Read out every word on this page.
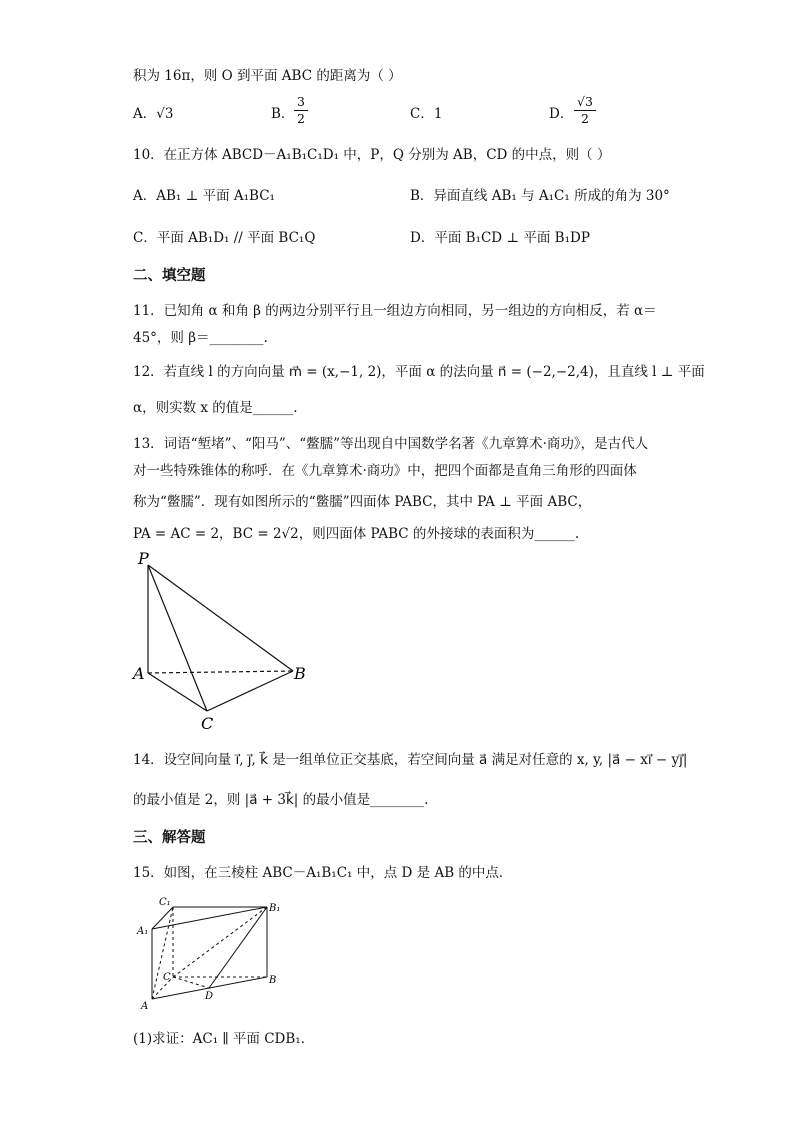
积为 16π，则 O 到平面 ABC 的距离为（ ）
A．√3	B．
3
2	C．1	D．
√3
2
10．在正方体 ABCD－A₁B₁C₁D₁ 中，P，Q 分别为 AB，CD 的中点，则（ ）
A．AB₁ ⊥ 平面 A₁BC₁	B．异面直线 AB₁ 与 A₁C₁ 所成的角为 30°
C．平面 AB₁D₁ // 平面 BC₁Q	D．平面 B₁CD ⊥ 平面 B₁DP
二、填空题
11．已知角 α 和角 β 的两边分别平行且一组边方向相同，另一组边的方向相反，若 α＝
45°，则 β＝________.
12．若直线 l 的方向向量 m⃗ = (x,−1, 2)，平面 α 的法向量 n⃗ = (−2,−2,4)，且直线 l ⊥ 平面
α，则实数 x 的值是______.
13．词语“堑堵”、“阳马”、“鳖臑”等出现自中国数学名著《九章算术·商功》，是古代人
对一些特殊锥体的称呼．在《九章算术·商功》中，把四个面都是直角三角形的四面体
称为“鳖臑”．现有如图所示的“鳖臑”四面体 PABC，其中 PA ⊥ 平面 ABC，
PA = AC = 2，BC = 2√2，则四面体 PABC 的外接球的表面积为______.
P
A	B
C
14．设空间向量 i⃗, j⃗, k⃗ 是一组单位正交基底，若空间向量 a⃗ 满足对任意的 x, y, |a⃗ − xi⃗ − yj⃗|
的最小值是 2，则 |a⃗ + 3k⃗| 的最小值是________.
三、解答题
15．如图，在三棱柱 ABC－A₁B₁C₁ 中，点 D 是 AB 的中点．
C₁
B₁
A₁
C	B
A
D
(1)求证：AC₁ ∥ 平面 CDB₁．
